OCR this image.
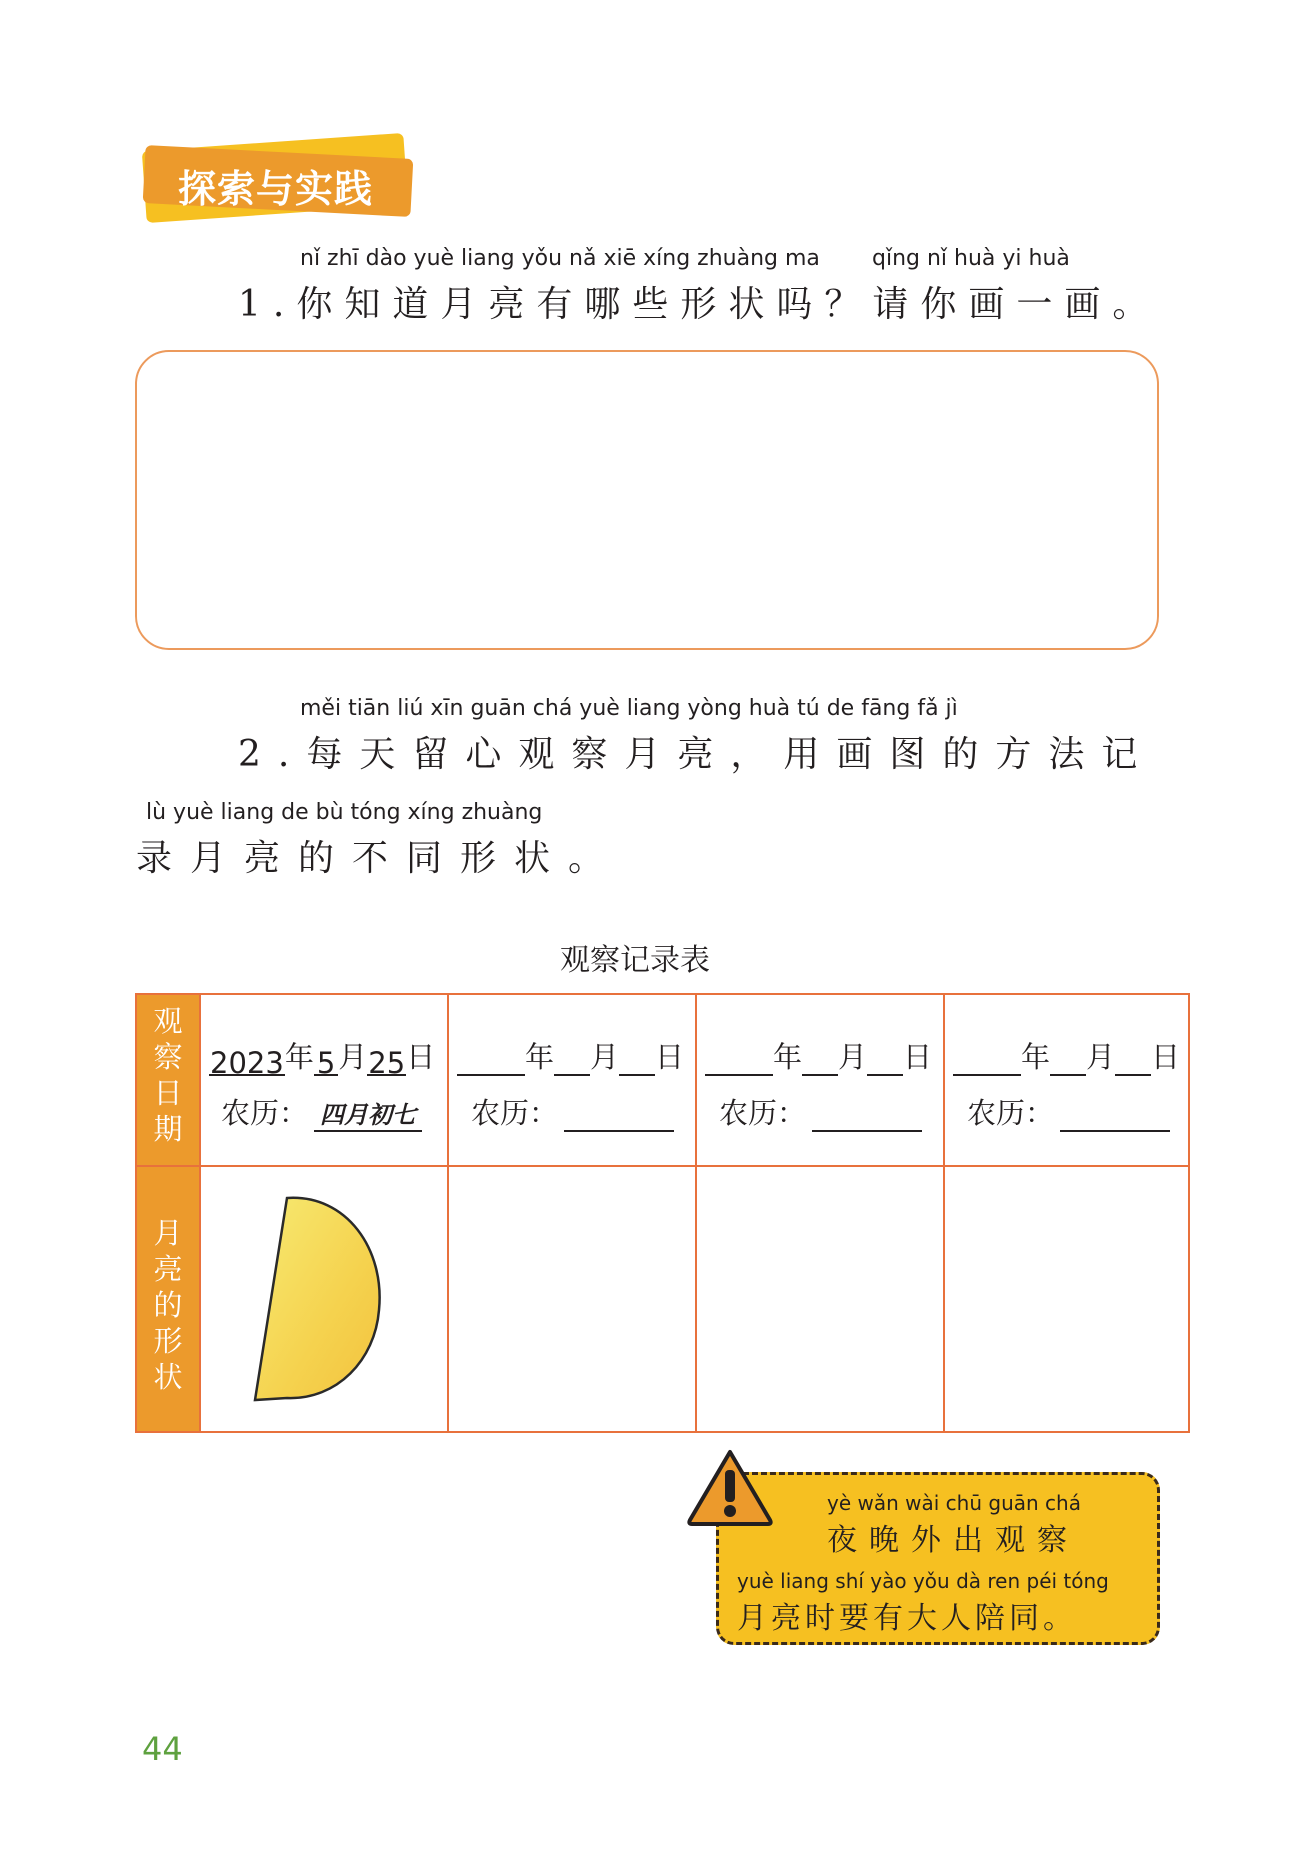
探索与实践
nǐ zhī dào yuè liang yǒu nǎ xiē xíng zhuàng ma qǐng nǐ huà yi huà
1.你知道月亮有哪些形状吗？请你画一画。
měi tiān liú xīn guān chá yuè liang yòng huà tú de fāng fǎ jì
2.每天留心观察月亮，用画图的方法记
lù yuè liang de bù tóng xíng zhuàng
录月亮的不同形状。
观察记录表
观
察
日
期
月
亮
的
形
状
2023年 5 月25日
农历： 四月初七
年 月 日
农历：
年 月 日
农历：
年 月 日
农历：
yè wǎn wài chū guān chá
夜晚外出观察
yuè liang shí yào yǒu dà ren péi tóng
月亮时要有大人陪同。
44
